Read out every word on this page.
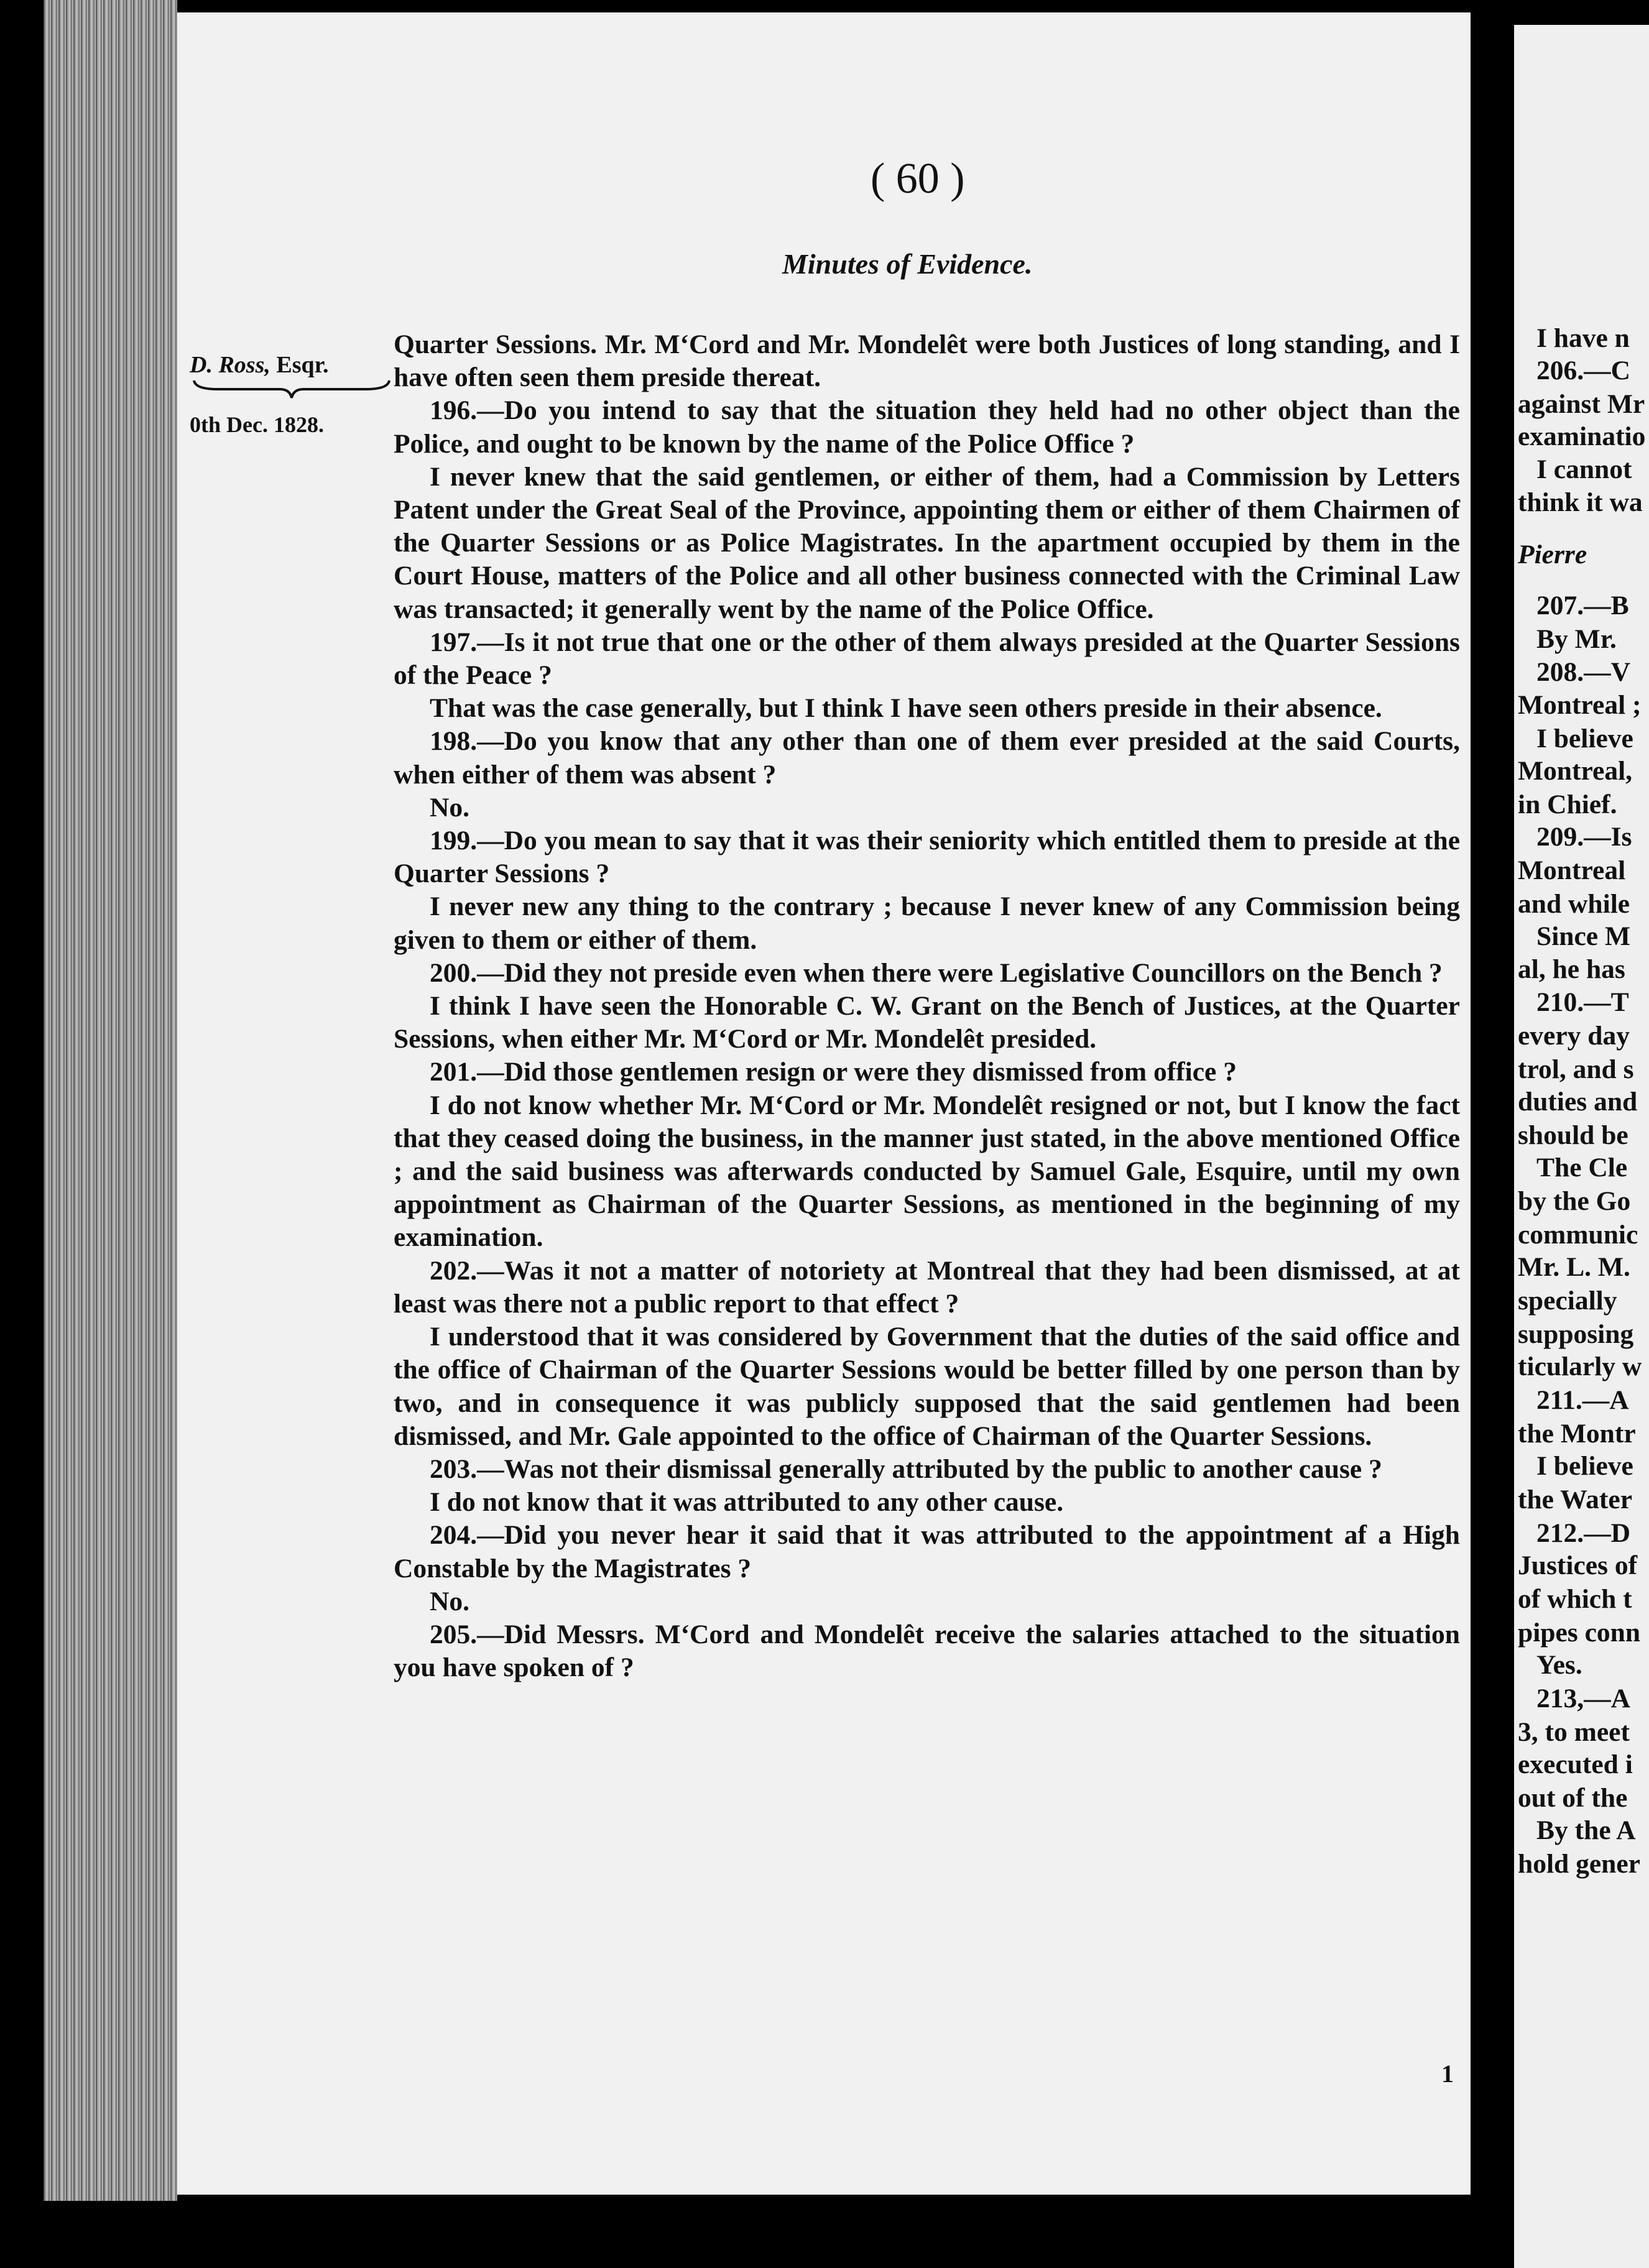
( 60 )
Minutes of Evidence.
D. Ross, Esqr.
0th Dec. 1828.

Quarter Sessions. Mr. M‘Cord and Mr. Mondelêt were both Justices of long standing, and I have often seen them preside thereat.

196.—Do you intend to say that the situation they held had no other object than the Police, and ought to be known by the name of the Police Office ?

I never knew that the said gentlemen, or either of them, had a Commission by Letters Patent under the Great Seal of the Province, appointing them or either of them Chairmen of the Quarter Sessions or as Police Magistrates. In the apartment occupied by them in the Court House, matters of the Police and all other business connected with the Criminal Law was transacted; it generally went by the name of the Police Office.

197.—Is it not true that one or the other of them always presided at the Quarter Sessions of the Peace ?

That was the case generally, but I think I have seen others preside in their absence.

198.—Do you know that any other than one of them ever presided at the said Courts, when either of them was absent ?

No.

199.—Do you mean to say that it was their seniority which entitled them to preside at the Quarter Sessions ?

I never new any thing to the contrary ; because I never knew of any Commission being given to them or either of them.

200.—Did they not preside even when there were Legislative Councillors on the Bench ?

I think I have seen the Honorable C. W. Grant on the Bench of Justices, at the Quarter Sessions, when either Mr. M‘Cord or Mr. Mondelêt presided.

201.—Did those gentlemen resign or were they dismissed from office ?

I do not know whether Mr. M‘Cord or Mr. Mondelêt resigned or not, but I know the fact that they ceased doing the business, in the manner just stated, in the above mentioned Office ; and the said business was afterwards conducted by Samuel Gale, Esquire, until my own appointment as Chairman of the Quarter Sessions, as mentioned in the beginning of my examination.

202.—Was it not a matter of notoriety at Montreal that they had been dismissed, at at least was there not a public report to that effect ?

I understood that it was considered by Government that the duties of the said office and the office of Chairman of the Quarter Sessions would be better filled by one person than by two, and in consequence it was publicly supposed that the said gentlemen had been dismissed, and Mr. Gale appointed to the office of Chairman of the Quarter Sessions.

203.—Was not their dismissal generally attributed by the public to another cause ?

I do not know that it was attributed to any other cause.

204.—Did you never hear it said that it was attributed to the appointment af a High Constable by the Magistrates ?

No.

205.—Did Messrs. M‘Cord and Mondelêt receive the salaries attached to the situation you have spoken of ?

1
I have n
206.—C
against Mr
examinatio
I cannot
think it wa
Pierre
207.—B
By Mr.
208.—V
Montreal ;
I believe
Montreal,
in Chief.
209.—Is
Montreal
and while
Since M
al, he has
210.—T
every day
trol, and s
duties and
should be
The Cle
by the Go
communic
Mr. L. M.
specially
supposing
ticularly w
211.—A
the Montr
I believe
the Water
212.—D
Justices of
of which t
pipes conn
Yes.
213,—A
3, to meet
executed i
out of the
By the A
hold gener
